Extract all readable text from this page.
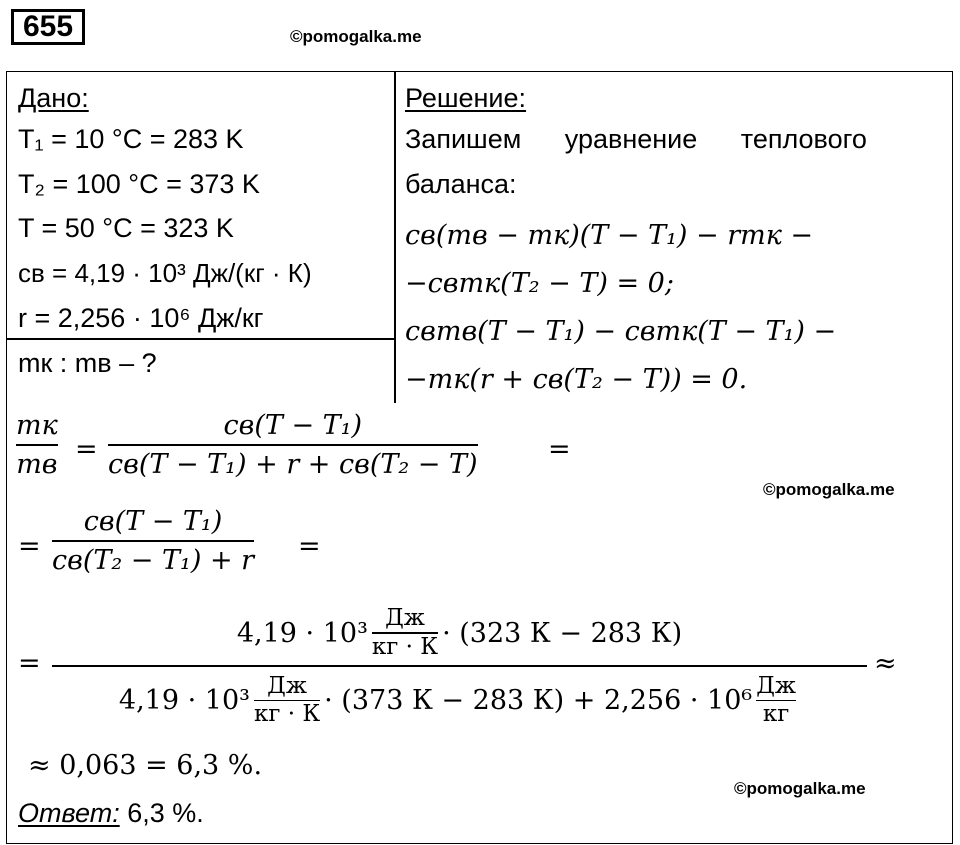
655	©pomogalka.me
Дано:
T₁ = 10 °C = 283 K
T₂ = 100 °C = 373 K
T = 50 °C = 323 K
cв = 4,19 · 10³ Дж/(кг · К)
r = 2,256 · 10⁶ Дж/кг
mк : mв – ?
Решение:
Запишем уравнение теплового
баланса:
cв(mв − mк)(T − T₁) − rmк −
−cвmк(T₂ − T) = 0;
cвmв(T − T₁) − cвmк(T − T₁) −
−mк(r + cв(T₂ − T)) = 0.
mк
mв =
cв(T − T₁)
cв(T − T₁) + r + cв(T₂ − T)	=
©pomogalka.me
=
cв(T − T₁)
cв(T₂ − T₁) + r =
=
4,19 · 10³ Дж
кг · К · (323 К − 283 К)
4,19 · 10³ Дж
кг · К · (373 К − 283 К) + 2,256 · 10⁶ Дж
кг
≈
≈ 0,063 = 6,3 %.
©pomogalka.me
Ответ: 6,3 %.
